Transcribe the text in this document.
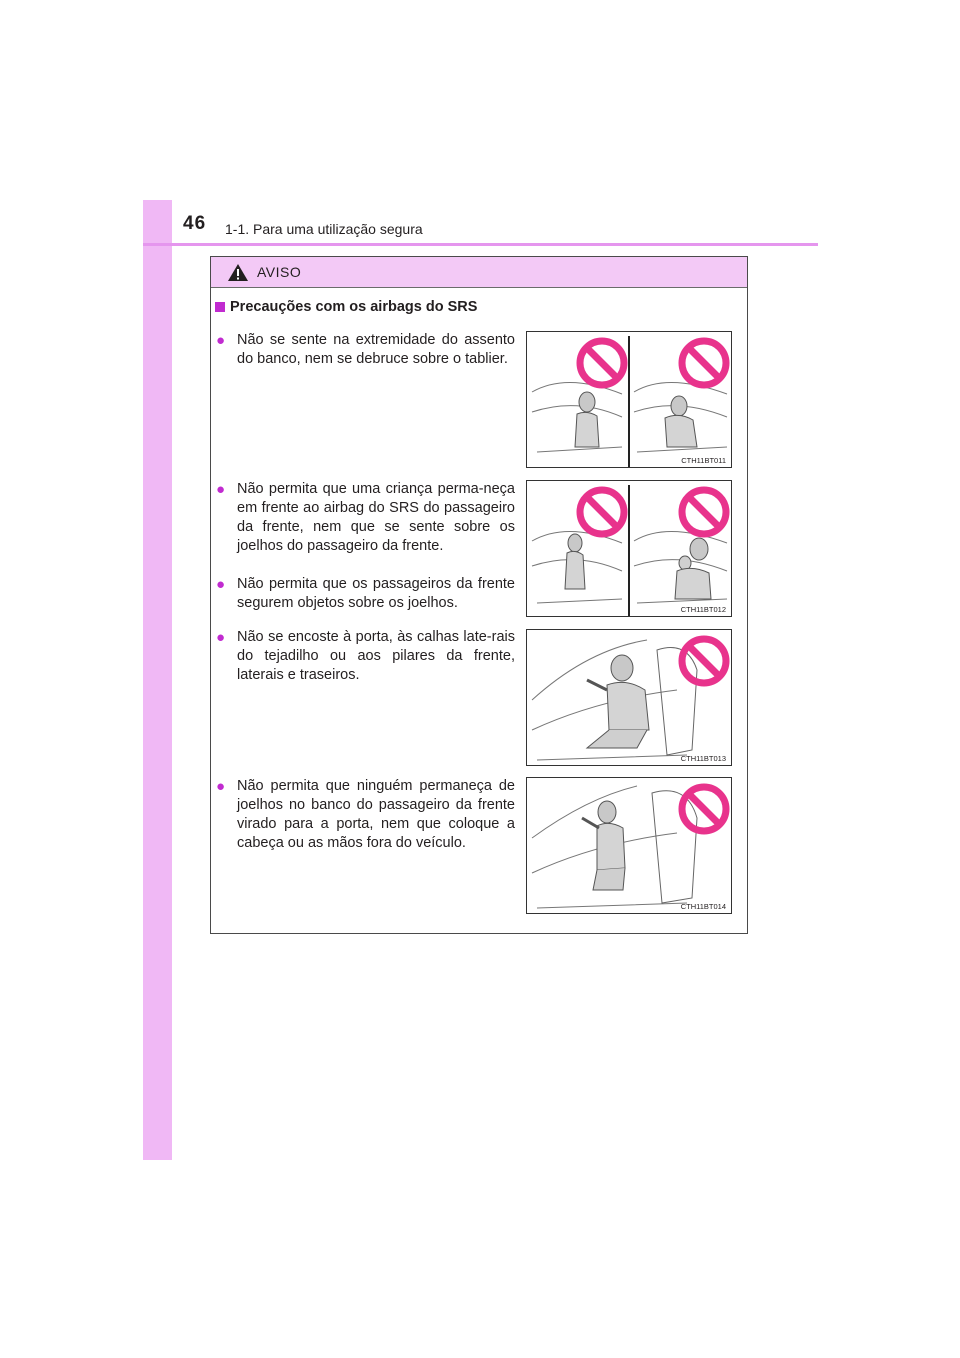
46 1-1. Para uma utilização segura
AVISO
Precauções com os airbags do SRS
● Não se sente na extremidade do assento do banco, nem se debruce sobre o tablier.
● Não permita que uma criança perma-neça em frente ao airbag do SRS do passageiro da frente, nem que se sente sobre os joelhos do passageiro da frente.
● Não permita que os passageiros da frente segurem objetos sobre os joelhos.
● Não se encoste à porta, às calhas late-rais do tejadilho ou aos pilares da frente, laterais e traseiros.
● Não permita que ninguém permaneça de joelhos no banco do passageiro da frente virado para a porta, nem que coloque a cabeça ou as mãos fora do veículo.
CTH11BT011
CTH11BT012
CTH11BT013
CTH11BT014
